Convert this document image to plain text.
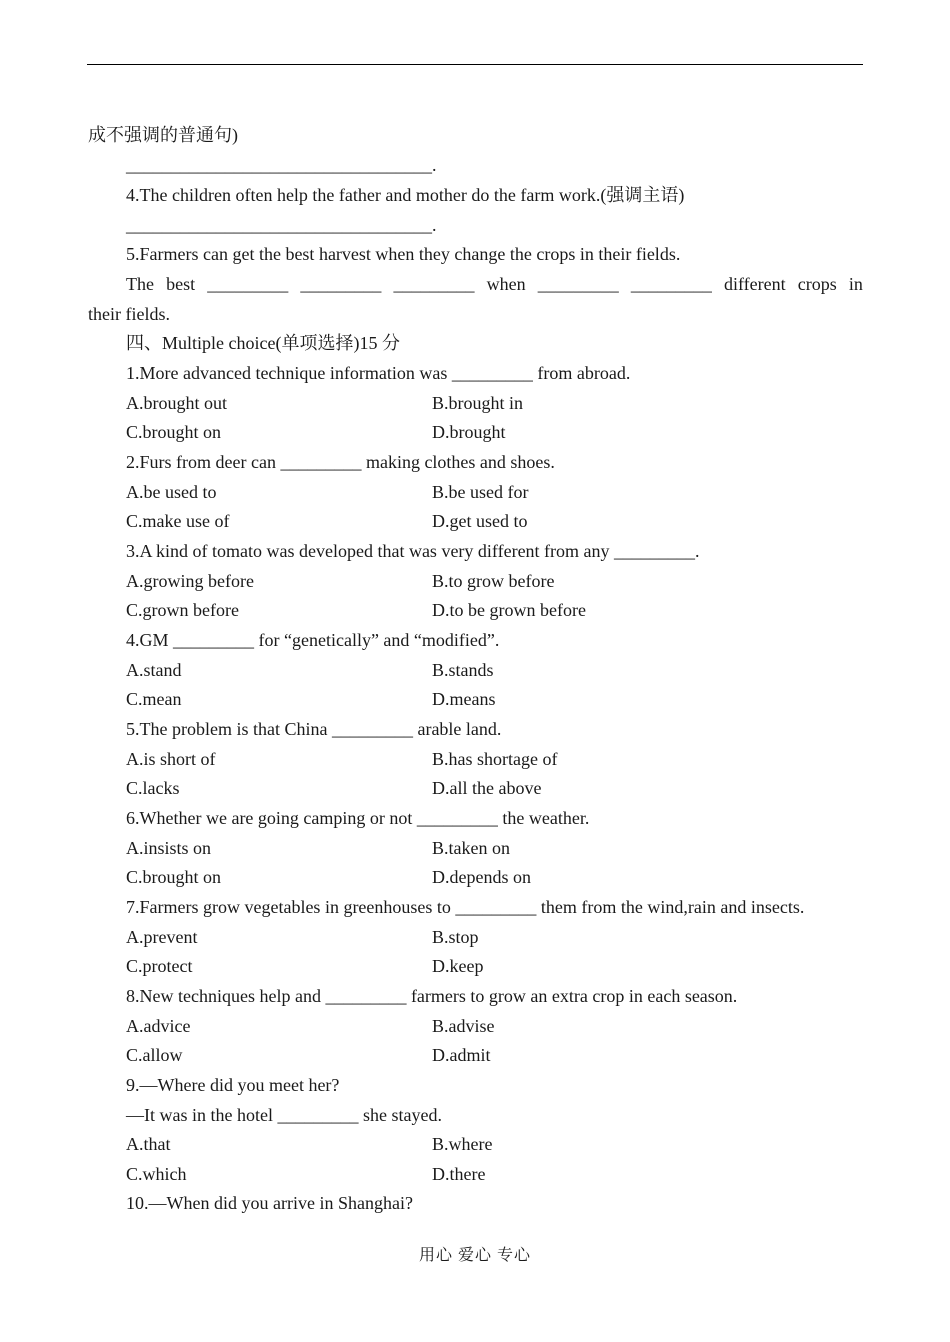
成不强调的普通句)
__________________________________.
4.The children often help the father and mother do the farm work.(强调主语)
__________________________________.
5.Farmers can get the best harvest when they change the crops in their fields.
The best _________ _________ _________ when _________ _________ different crops in
their fields.
四、Multiple choice(单项选择)15 分
1.More advanced technique information was _________ from abroad.
A.brought out	B.brought in
C.brought on	D.brought
2.Furs from deer can _________ making clothes and shoes.
A.be used to	B.be used for
C.make use of	D.get used to
3.A kind of tomato was developed that was very different from any _________.
A.growing before	B.to grow before
C.grown before	D.to be grown before
4.GM _________ for “genetically” and “modified”.
A.stand	B.stands
C.mean	D.means
5.The problem is that China _________ arable land.
A.is short of	B.has shortage of
C.lacks	D.all the above
6.Whether we are going camping or not _________ the weather.
A.insists on	B.taken on
C.brought on	D.depends on
7.Farmers grow vegetables in greenhouses to _________ them from the wind,rain and insects.
A.prevent	B.stop
C.protect	D.keep
8.New techniques help and _________ farmers to grow an extra crop in each season.
A.advice	B.advise
C.allow	D.admit
9.—Where did you meet her?
—It was in the hotel _________ she stayed.
A.that	B.where
C.which	D.there
10.—When did you arrive in Shanghai?
用心 爱心 专心
